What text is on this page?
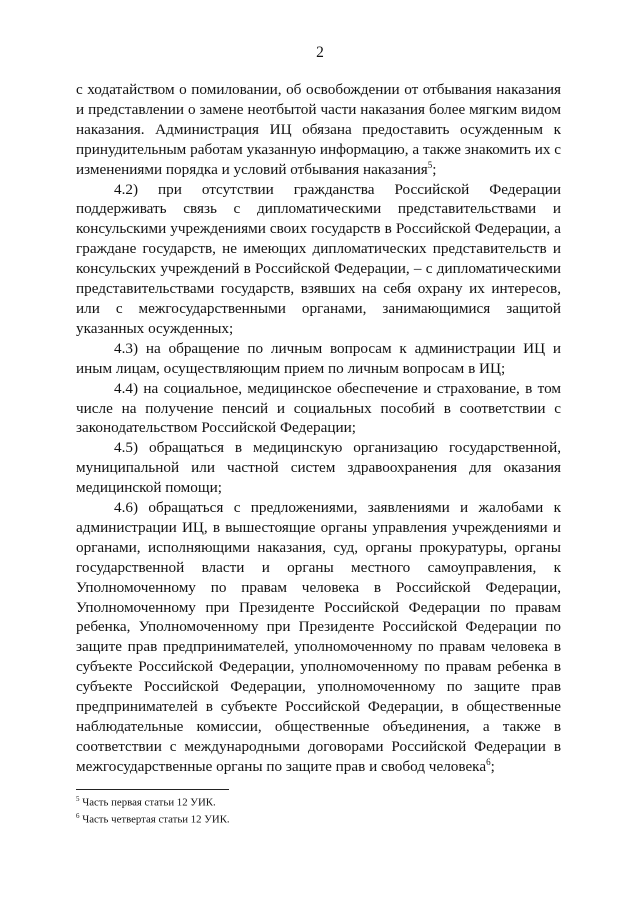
2

с ходатайством о помиловании, об освобождении от отбывания наказания и представлении о замене неотбытой части наказания более мягким видом наказания. Администрация ИЦ обязана предоставить осужденным к принудительным работам указанную информацию, а также знакомить их с изменениями порядка и условий отбывания наказания$^5$;

4.2) при отсутствии гражданства Российской Федерации поддерживать связь с дипломатическими представительствами и консульскими учреждениями своих государств в Российской Федерации, а граждане государств, не имеющих дипломатических представительств и консульских учреждений в Российской Федерации, – с дипломатическими представительствами государств, взявших на себя охрану их интересов, или с межгосударственными органами, занимающимися защитой указанных осужденных;

4.3) на обращение по личным вопросам к администрации ИЦ и иным лицам, осуществляющим прием по личным вопросам в ИЦ;

4.4) на социальное, медицинское обеспечение и страхование, в том числе на получение пенсий и социальных пособий в соответствии с законодательством Российской Федерации;

4.5) обращаться в медицинскую организацию государственной, муниципальной или частной систем здравоохранения для оказания медицинской помощи;

4.6) обращаться с предложениями, заявлениями и жалобами к администрации ИЦ, в вышестоящие органы управления учреждениями и органами, исполняющими наказания, суд, органы прокуратуры, органы государственной власти и органы местного самоуправления, к Уполномоченному по правам человека в Российской Федерации, Уполномоченному при Президенте Российской Федерации по правам ребенка, Уполномоченному при Президенте Российской Федерации по защите прав предпринимателей, уполномоченному по правам человека в субъекте Российской Федерации, уполномоченному по правам ребенка в субъекте Российской Федерации, уполномоченному по защите прав предпринимателей в субъекте Российской Федерации, в общественные наблюдательные комиссии, общественные объединения, а также в соответствии с международными договорами Российской Федерации в межгосударственные органы по защите прав и свобод человека$^6$;

$^5$ Часть первая статьи 12 УИК.

$^6$ Часть четвертая статьи 12 УИК.
